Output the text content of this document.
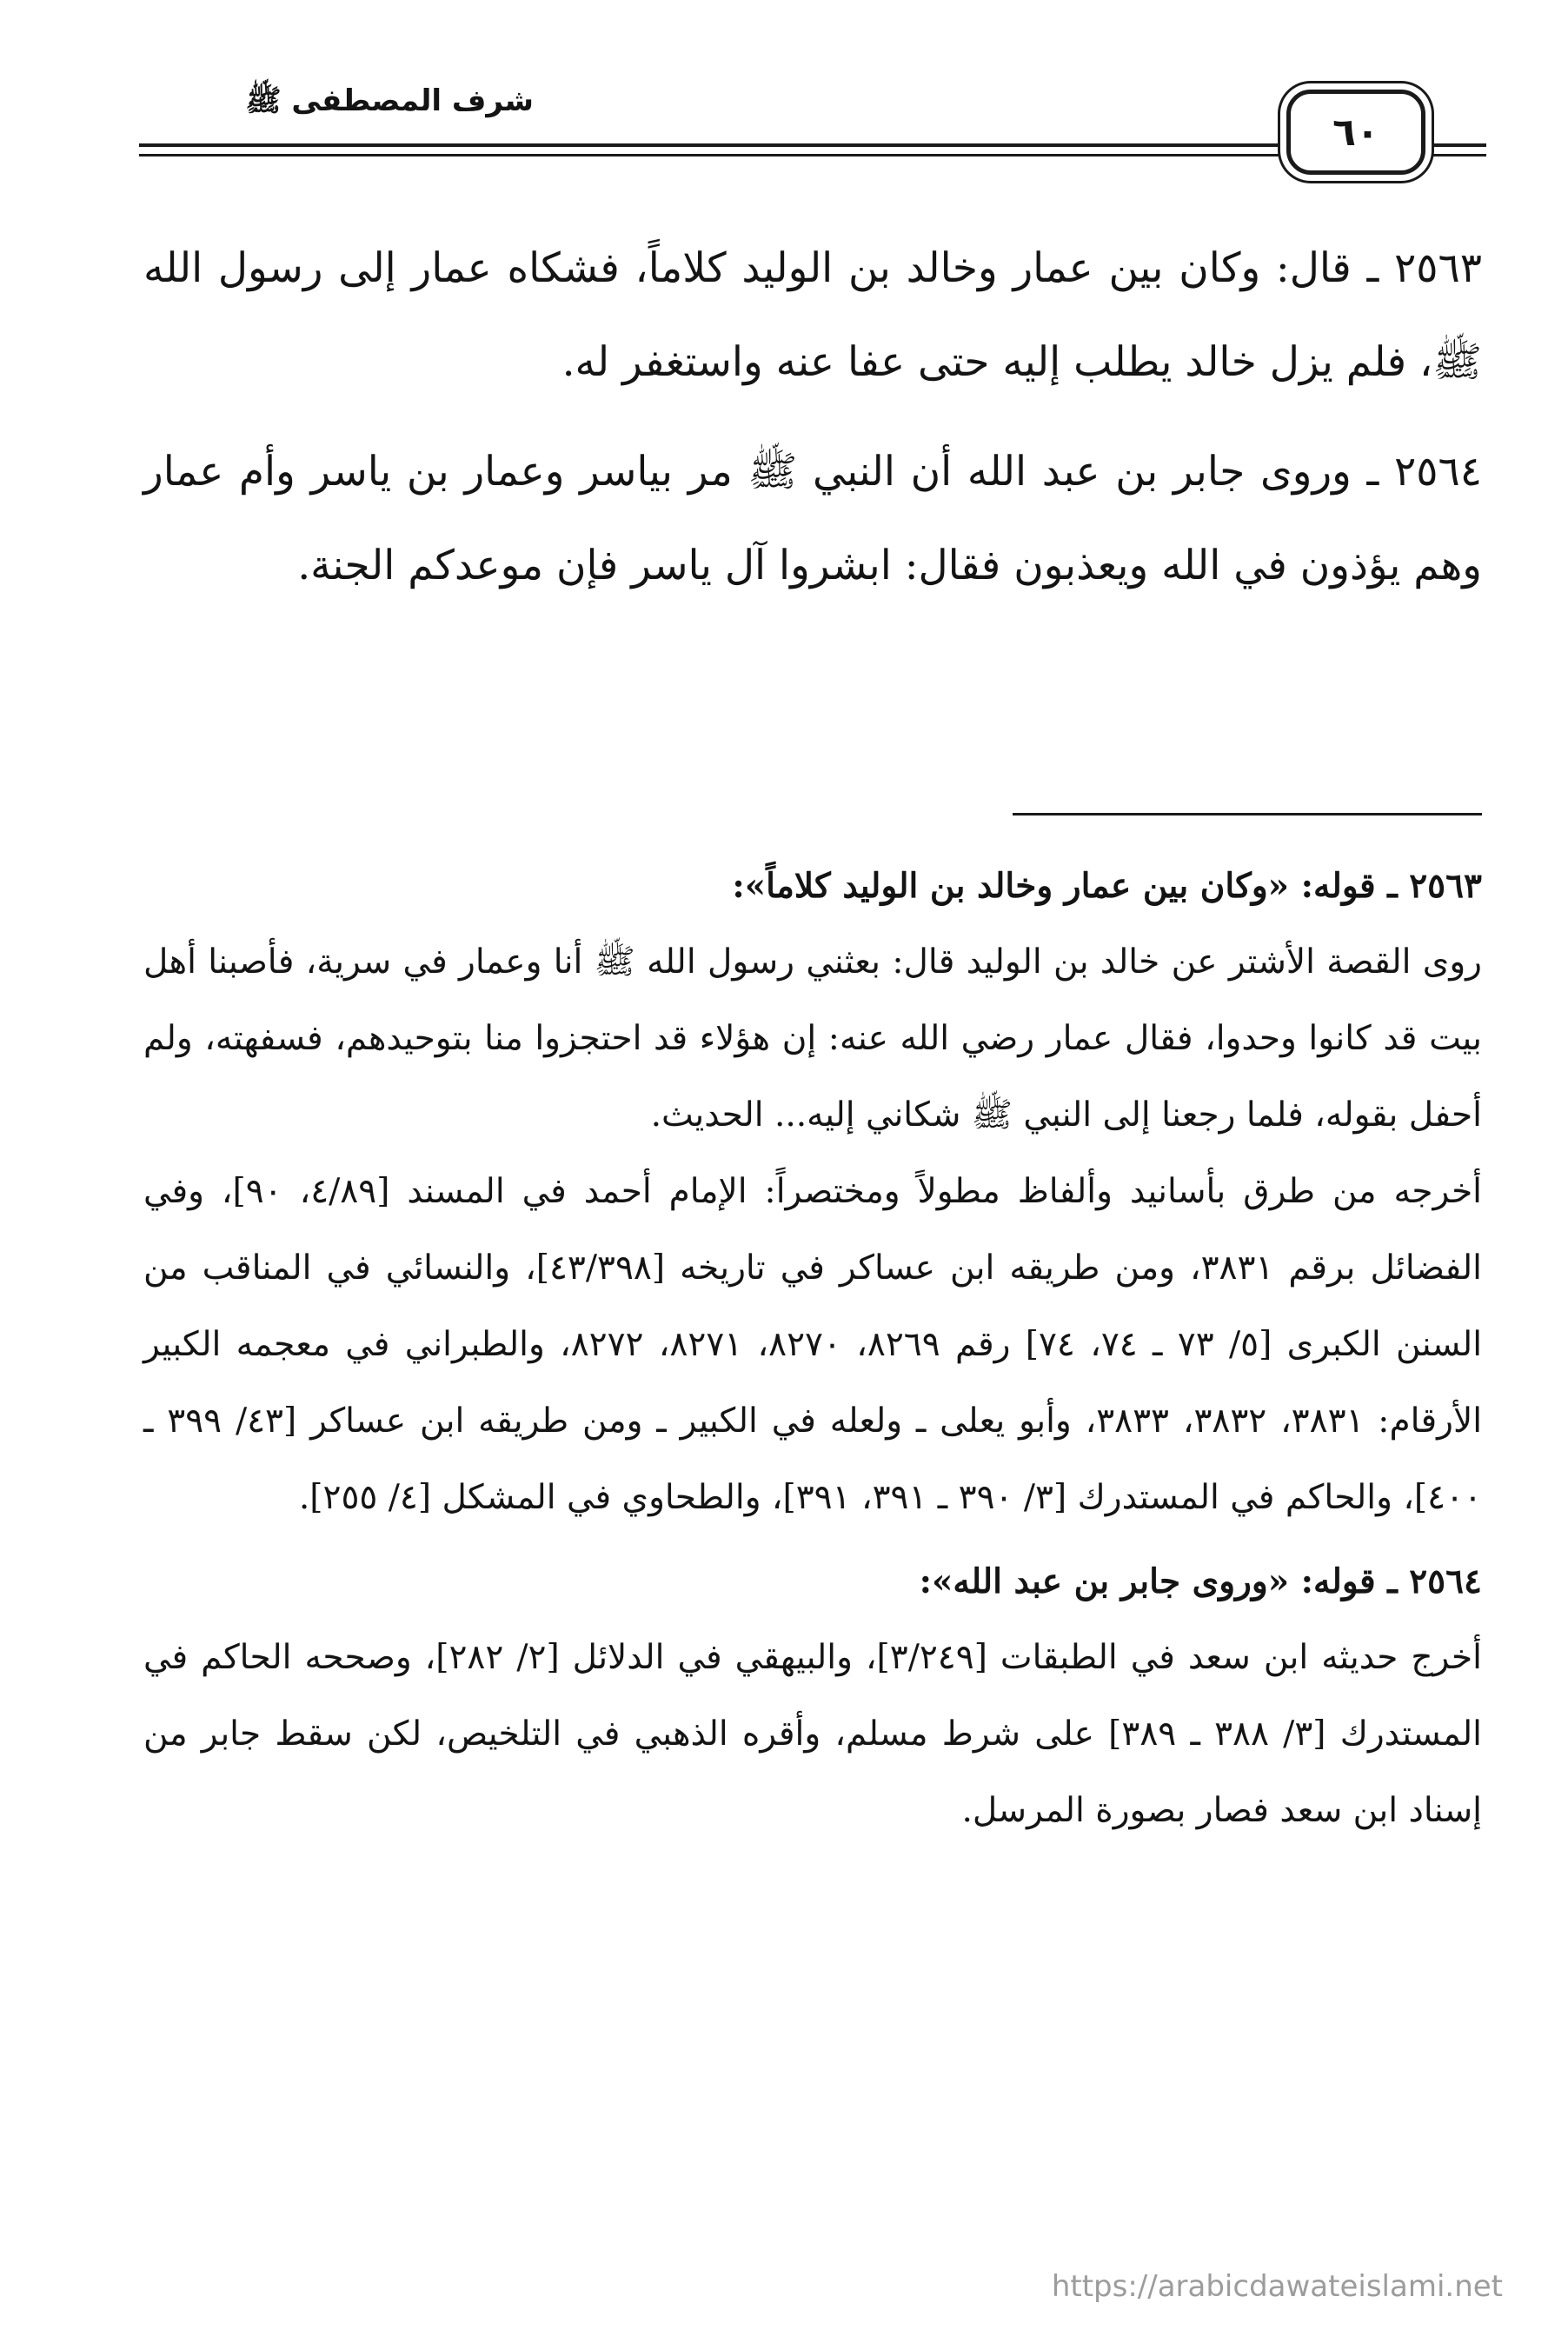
شرف المصطفى ﷺ
٦٠

٢٥٦٣ ـ قال: وكان بين عمار وخالد بن الوليد كلاماً، فشكاه عمار إلى رسول الله ﷺ، فلم يزل خالد يطلب إليه حتى عفا عنه واستغفر له.

٢٥٦٤ ـ وروى جابر بن عبد الله أن النبي ﷺ مر بياسر وعمار بن ياسر وأم عمار وهم يؤذون في الله ويعذبون فقال: ابشروا آل ياسر فإن موعدكم الجنة.

٢٥٦٣ ـ قوله: «وكان بين عمار وخالد بن الوليد كلاماً»:
روى القصة الأشتر عن خالد بن الوليد قال: بعثني رسول الله ﷺ أنا وعمار في سرية، فأصبنا أهل بيت قد كانوا وحدوا، فقال عمار رضي الله عنه: إن هؤلاء قد احتجزوا منا بتوحيدهم، فسفهته، ولم أحفل بقوله، فلما رجعنا إلى النبي ﷺ شكاني إليه... الحديث.
أخرجه من طرق بأسانيد وألفاظ مطولاً ومختصراً: الإمام أحمد في المسند [٤/٨٩، ٩٠]، وفي الفضائل برقم ٣٨٣١، ومن طريقه ابن عساكر في تاريخه [٤٣/٣٩٨]، والنسائي في المناقب من السنن الكبرى [٥/ ٧٣ ـ ٧٤، ٧٤] رقم ٨٢٦٩، ٨٢٧٠، ٨٢٧١، ٨٢٧٢، والطبراني في معجمه الكبير الأرقام: ٣٨٣١، ٣٨٣٢، ٣٨٣٣، وأبو يعلى ـ ولعله في الكبير ـ ومن طريقه ابن عساكر [٤٣/ ٣٩٩ ـ ٤٠٠]، والحاكم في المستدرك [٣/ ٣٩٠ ـ ٣٩١، ٣٩١]، والطحاوي في المشكل [٤/ ٢٥٥].
٢٥٦٤ ـ قوله: «وروى جابر بن عبد الله»:
أخرج حديثه ابن سعد في الطبقات [٣/٢٤٩]، والبيهقي في الدلائل [٢/ ٢٨٢]، وصححه الحاكم في المستدرك [٣/ ٣٨٨ ـ ٣٨٩] على شرط مسلم، وأقره الذهبي في التلخيص، لكن سقط جابر من إسناد ابن سعد فصار بصورة المرسل.
https://arabicdawateislami.net
